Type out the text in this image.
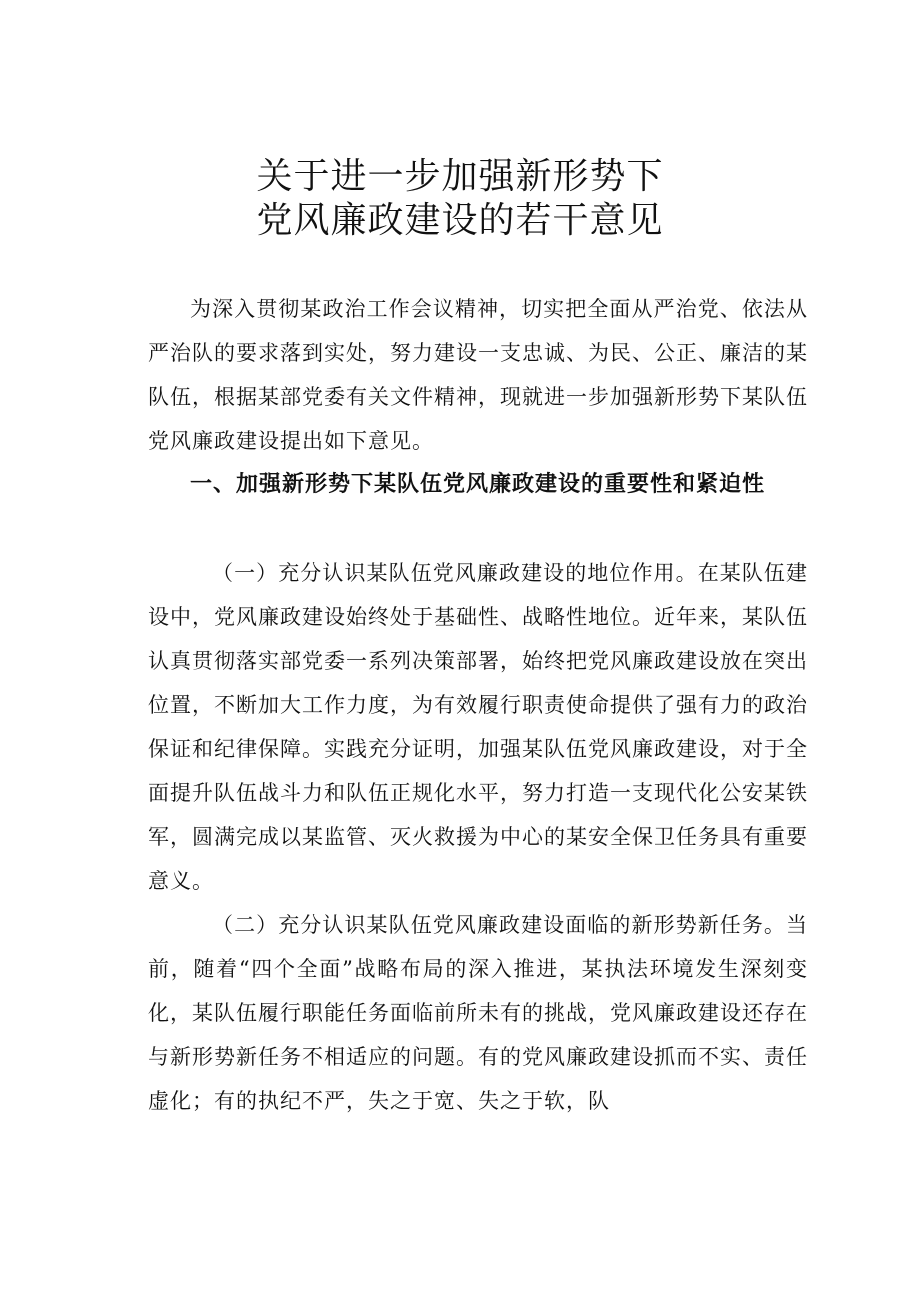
关于进一步加强新形势下
党风廉政建设的若干意见

为深入贯彻某政治工作会议精神，切实把全面从严治党、依法从严治队的要求落到实处，努力建设一支忠诚、为民、公正、廉洁的某队伍，根据某部党委有关文件精神，现就进一步加强新形势下某队伍党风廉政建设提出如下意见。

一、加强新形势下某队伍党风廉政建设的重要性和紧迫性

（一）充分认识某队伍党风廉政建设的地位作用。在某队伍建设中，党风廉政建设始终处于基础性、战略性地位。近年来，某队伍认真贯彻落实部党委一系列决策部署，始终把党风廉政建设放在突出位置，不断加大工作力度，为有效履行职责使命提供了强有力的政治保证和纪律保障。实践充分证明，加强某队伍党风廉政建设，对于全面提升队伍战斗力和队伍正规化水平，努力打造一支现代化公安某铁军，圆满完成以某监管、灭火救援为中心的某安全保卫任务具有重要意义。

（二）充分认识某队伍党风廉政建设面临的新形势新任务。当前，随着“四个全面”战略布局的深入推进，某执法环境发生深刻变化，某队伍履行职能任务面临前所未有的挑战，党风廉政建设还存在与新形势新任务不相适应的问题。有的党风廉政建设抓而不实、责任虚化；有的执纪不严，失之于宽、失之于软，队
